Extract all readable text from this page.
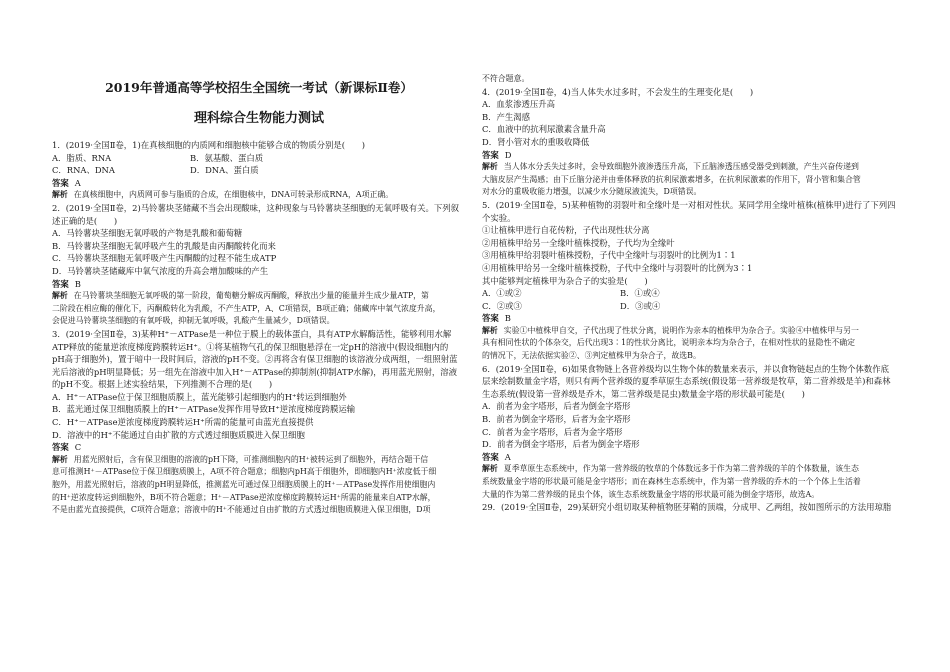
2019年普通高等学校招生全国统一考试（新课标Ⅱ卷）
理科综合生物能力测试
1．(2019·全国Ⅱ卷，1)在真核细胞的内质网和细胞核中能够合成的物质分别是(　　)
A．脂质、RNA	B．氨基酸、蛋白质
C．RNA、DNA	D．DNA、蛋白质
答案 A
解析 在真核细胞中，内质网可参与脂质的合成，在细胞核中，DNA可转录形成RNA，A项正确。
2．(2019·全国Ⅱ卷，2)马铃薯块茎储藏不当会出现酸味，这种现象与马铃薯块茎细胞的无氧呼吸有关。下列叙
述正确的是(　　)
A．马铃薯块茎细胞无氧呼吸的产物是乳酸和葡萄糖
B．马铃薯块茎细胞无氧呼吸产生的乳酸是由丙酮酸转化而来
C．马铃薯块茎细胞无氧呼吸产生丙酮酸的过程不能生成ATP
D．马铃薯块茎储藏库中氧气浓度的升高会增加酸味的产生
答案 B
解析 在马铃薯块茎细胞无氧呼吸的第一阶段，葡萄糖分解成丙酮酸，释放出少量的能量并生成少量ATP，第
二阶段在相应酶的催化下，丙酮酸转化为乳酸，不产生ATP，A、C项错误，B项正确；储藏库中氧气浓度升高，
会促进马铃薯块茎细胞的有氧呼吸，抑制无氧呼吸，乳酸产生量减少，D项错误。
3．(2019·全国Ⅱ卷，3)某种H⁺－ATPase是一种位于膜上的载体蛋白，具有ATP水解酶活性，能够利用水解
ATP释放的能量逆浓度梯度跨膜转运H⁺。①将某植物气孔的保卫细胞悬浮在一定pH的溶液中(假设细胞内的
pH高于细胞外)，置于暗中一段时间后，溶液的pH不变。②再将含有保卫细胞的该溶液分成两组，一组照射蓝
光后溶液的pH明显降低；另一组先在溶液中加入H⁺－ATPase的抑制剂(抑制ATP水解)，再用蓝光照射，溶液
的pH不变。根据上述实验结果，下列推测不合理的是(　　)
A．H⁺－ATPase位于保卫细胞质膜上，蓝光能够引起细胞内的H⁺转运到细胞外
B．蓝光通过保卫细胞质膜上的H⁺－ATPase发挥作用导致H⁺逆浓度梯度跨膜运输
C．H⁺－ATPase逆浓度梯度跨膜转运H⁺所需的能量可由蓝光直接提供
D．溶液中的H⁺不能通过自由扩散的方式透过细胞质膜进入保卫细胞
答案 C
解析 用蓝光照射后，含有保卫细胞的溶液的pH下降，可推测细胞内的H⁺被转运到了细胞外，再结合题干信
息可推测H⁺－ATPase位于保卫细胞质膜上，A项不符合题意；细胞内pH高于细胞外，即细胞内H⁺浓度低于细
胞外，用蓝光照射后，溶液的pH明显降低，推测蓝光可通过保卫细胞质膜上的H⁺－ATPase发挥作用使细胞内
的H⁺逆浓度转运到细胞外，B项不符合题意；H⁺－ATPase逆浓度梯度跨膜转运H⁺所需的能量来自ATP水解，
不是由蓝光直接提供，C项符合题意；溶液中的H⁺不能通过自由扩散的方式透过细胞质膜进入保卫细胞，D项
不符合题意。
4．(2019·全国Ⅱ卷，4)当人体失水过多时，不会发生的生理变化是(　　)
A．血浆渗透压升高
B．产生渴感
C．血液中的抗利尿激素含量升高
D．肾小管对水的重吸收降低
答案 D
解析 当人体水分丢失过多时，会导致细胞外液渗透压升高，下丘脑渗透压感受器受到刺激，产生兴奋传递到
大脑皮层产生渴感；由下丘脑分泌并由垂体释放的抗利尿激素增多，在抗利尿激素的作用下，肾小管和集合管
对水分的重吸收能力增强，以减少水分随尿液流失，D项错误。
5．(2019·全国Ⅱ卷，5)某种植物的羽裂叶和全缘叶是一对相对性状。某同学用全缘叶植株(植株甲)进行了下列四
个实验。
①让植株甲进行自花传粉，子代出现性状分离
②用植株甲给另一全缘叶植株授粉，子代均为全缘叶
③用植株甲给羽裂叶植株授粉，子代中全缘叶与羽裂叶的比例为1∶1
④用植株甲给另一全缘叶植株授粉，子代中全缘叶与羽裂叶的比例为3∶1
其中能够判定植株甲为杂合子的实验是(　　)
A．①或②	B．①或④
C．②或③	D．③或④
答案 B
解析 实验①中植株甲自交，子代出现了性状分离，说明作为亲本的植株甲为杂合子。实验④中植株甲与另一
具有相同性状的个体杂交，后代出现3∶1的性状分离比，说明亲本均为杂合子，在相对性状的显隐性不确定
的情况下，无法依据实验②、③判定植株甲为杂合子，故选B。
6．(2019·全国Ⅱ卷，6)如果食物链上各营养级均以生物个体的数量来表示，并以食物链起点的生物个体数作底
层来绘制数量金字塔，则只有两个营养级的夏季草原生态系统(假设第一营养级是牧草，第二营养级是羊)和森林
生态系统(假设第一营养级是乔木，第二营养级是昆虫)数量金字塔的形状最可能是(　　)
A．前者为金字塔形，后者为倒金字塔形
B．前者为倒金字塔形，后者为金字塔形
C．前者为金字塔形，后者为金字塔形
D．前者为倒金字塔形，后者为倒金字塔形
答案 A
解析 夏季草原生态系统中，作为第一营养级的牧草的个体数远多于作为第二营养级的羊的个体数量，该生态
系统数量金字塔的形状最可能是金字塔形；而在森林生态系统中，作为第一营养级的乔木的一个个体上生活着
大量的作为第二营养级的昆虫个体，该生态系统数量金字塔的形状最可能为倒金字塔形，故选A。
29．(2019·全国Ⅱ卷，29)某研究小组切取某种植物胚芽鞘的顶端，分成甲、乙两组，按如图所示的方法用琼脂
